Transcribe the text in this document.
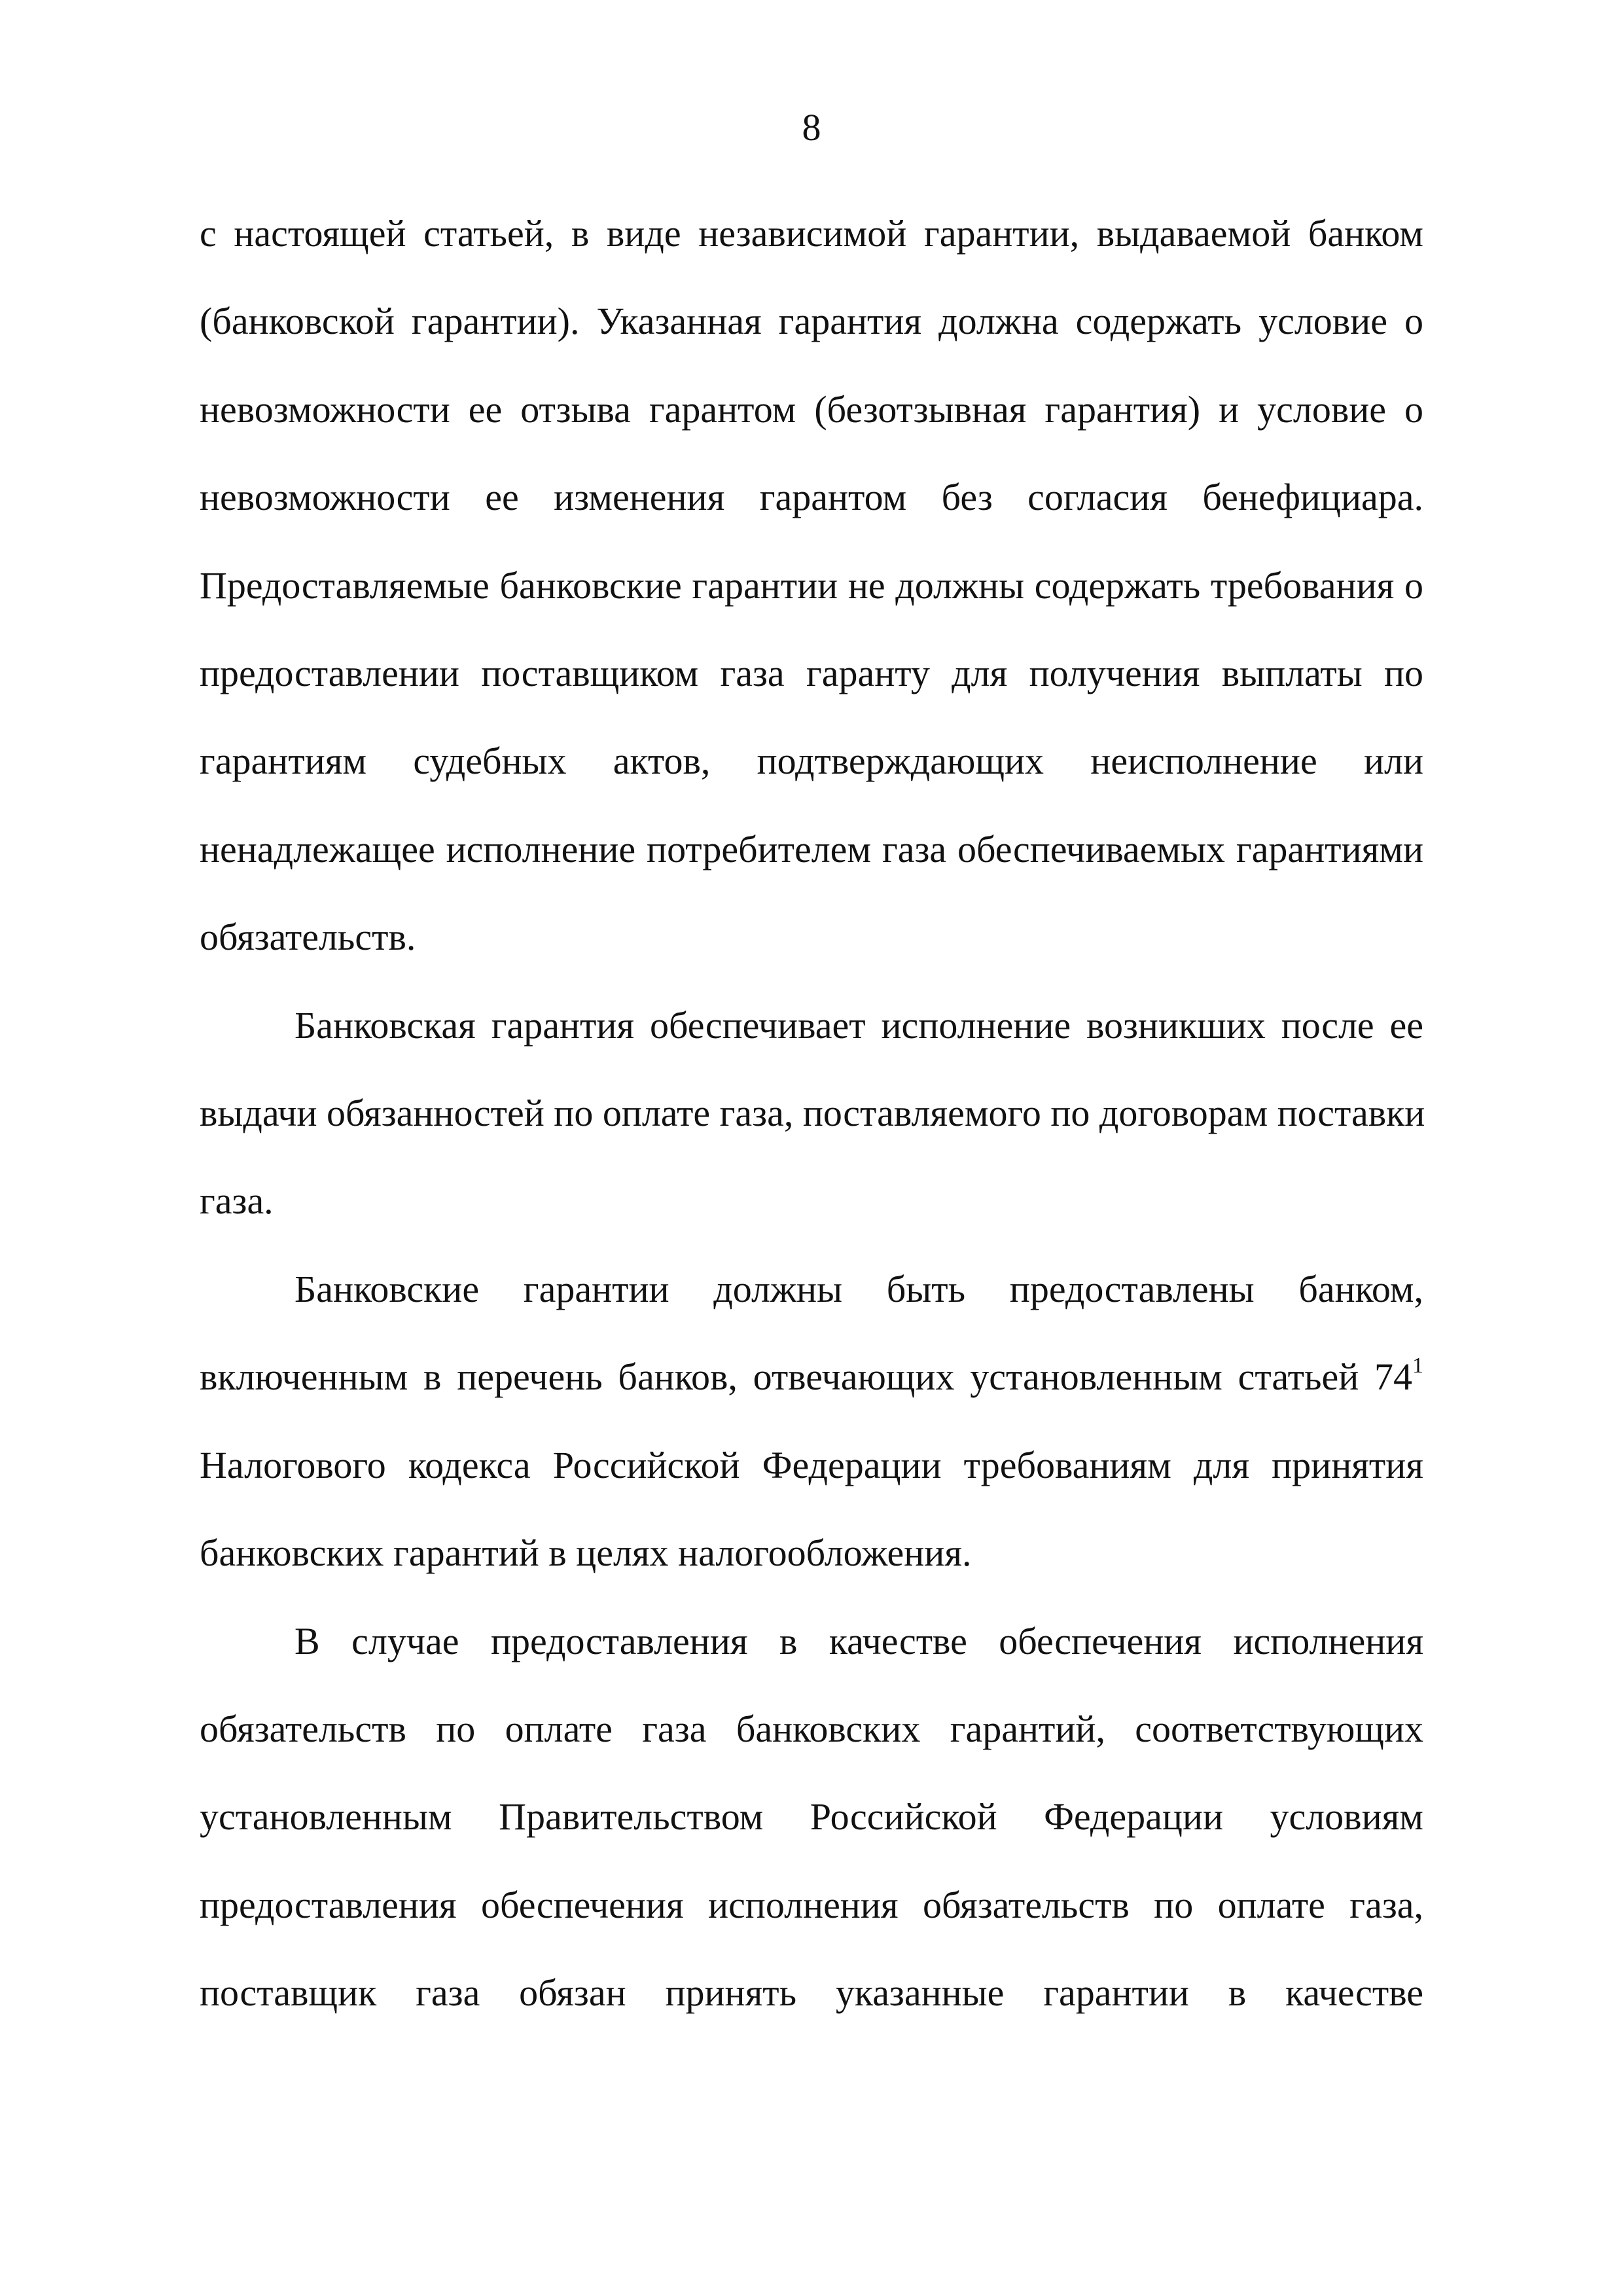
8
с настоящей статьей, в виде независимой гарантии, выдаваемой банком
(банковской гарантии). Указанная гарантия должна содержать условие о
невозможности ее отзыва гарантом (безотзывная гарантия) и условие о
невозможности ее изменения гарантом без согласия бенефициара.
Предоставляемые банковские гарантии не должны содержать требования о
предоставлении поставщиком газа гаранту для получения выплаты по
гарантиям судебных актов, подтверждающих неисполнение или
ненадлежащее исполнение потребителем газа обеспечиваемых гарантиями
обязательств.
Банковская гарантия обеспечивает исполнение возникших после ее
выдачи обязанностей по оплате газа, поставляемого по договорам поставки
газа.
Банковские гарантии должны быть предоставлены банком,
включенным в перечень банков, отвечающих установленным статьей 74$^1$
Налогового кодекса Российской Федерации требованиям для принятия
банковских гарантий в целях налогообложения.
В случае предоставления в качестве обеспечения исполнения
обязательств по оплате газа банковских гарантий, соответствующих
установленным Правительством Российской Федерации условиям
предоставления обеспечения исполнения обязательств по оплате газа,
поставщик газа обязан принять указанные гарантии в качестве
